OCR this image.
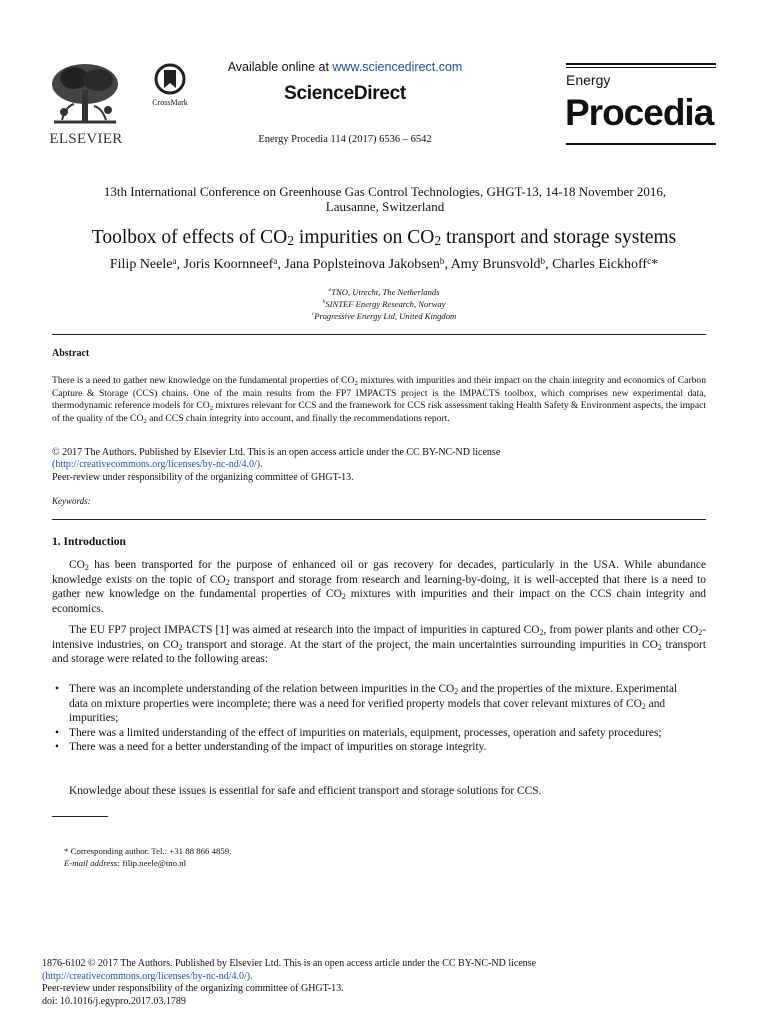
ELSEVIER
CrossMark
Available online at www.sciencedirect.com
ScienceDirect
Energy Procedia 114 (2017) 6536 – 6542
Energy
Procedia
13th International Conference on Greenhouse Gas Control Technologies, GHGT-13, 14-18 November 2016,
Lausanne, Switzerland
Toolbox of effects of $CO_2$ impurities on $CO_2$ transport and storage systems
Filip Neele$^a$, Joris Koornneef$^a$, Jana Poplsteinova Jakobsen$^b$, Amy Brunsvold$^b$, Charles Eickhoff$^c$*
$^a$TNO, Utrecht, The Netherlands
$^b$SINTEF Energy Research, Norway
$^c$Progressive Energy Ltd, United Kingdom
Abstract
There is a need to gather new knowledge on the fundamental properties of $CO_2$ mixtures with impurities and their impact on the chain integrity and economics of Carbon Capture & Storage (CCS) chains. One of the main results from the FP7 IMPACTS project is the IMPACTS toolbox, which comprises new experimental data, thermodynamic reference models for $CO_2$ mixtures relevant for CCS and the framework for CCS risk assessment taking Health Safety & Environment aspects, the impact of the quality of the $CO_2$ and CCS chain integrity into account, and finally the recommendations report.
© 2017 The Authors. Published by Elsevier Ltd. This is an open access article under the CC BY-NC-ND license
(http://creativecommons.org/licenses/by-nc-nd/4.0/).
Peer-review under responsibility of the organizing committee of GHGT-13.
Keywords:
1. Introduction
$CO_2$ has been transported for the purpose of enhanced oil or gas recovery for decades, particularly in the USA. While abundance knowledge exists on the topic of $CO_2$ transport and storage from research and learning-by-doing, it is well-accepted that there is a need to gather new knowledge on the fundamental properties of $CO_2$ mixtures with impurities and their impact on the CCS chain integrity and economics.
The EU FP7 project IMPACTS [1] was aimed at research into the impact of impurities in captured $CO_2$, from power plants and other $CO_2$-intensive industries, on $CO_2$ transport and storage. At the start of the project, the main uncertainties surrounding impurities in $CO_2$ transport and storage were related to the following areas:
• There was an incomplete understanding of the relation between impurities in the $CO_2$ and the properties of the mixture. Experimental data on mixture properties were incomplete; there was a need for verified property models that cover relevant mixtures of $CO_2$ and impurities;
• There was a limited understanding of the effect of impurities on materials, equipment, processes, operation and safety procedures;
• There was a need for a better understanding of the impact of impurities on storage integrity.
Knowledge about these issues is essential for safe and efficient transport and storage solutions for CCS.
* Corresponding author. Tel.: +31 88 866 4859.
E-mail address: filip.neele@tno.nl
1876-6102 © 2017 The Authors. Published by Elsevier Ltd. This is an open access article under the CC BY-NC-ND license
(http://creativecommons.org/licenses/by-nc-nd/4.0/).
Peer-review under responsibility of the organizing committee of GHGT-13.
doi: 10.1016/j.egypro.2017.03.1789
